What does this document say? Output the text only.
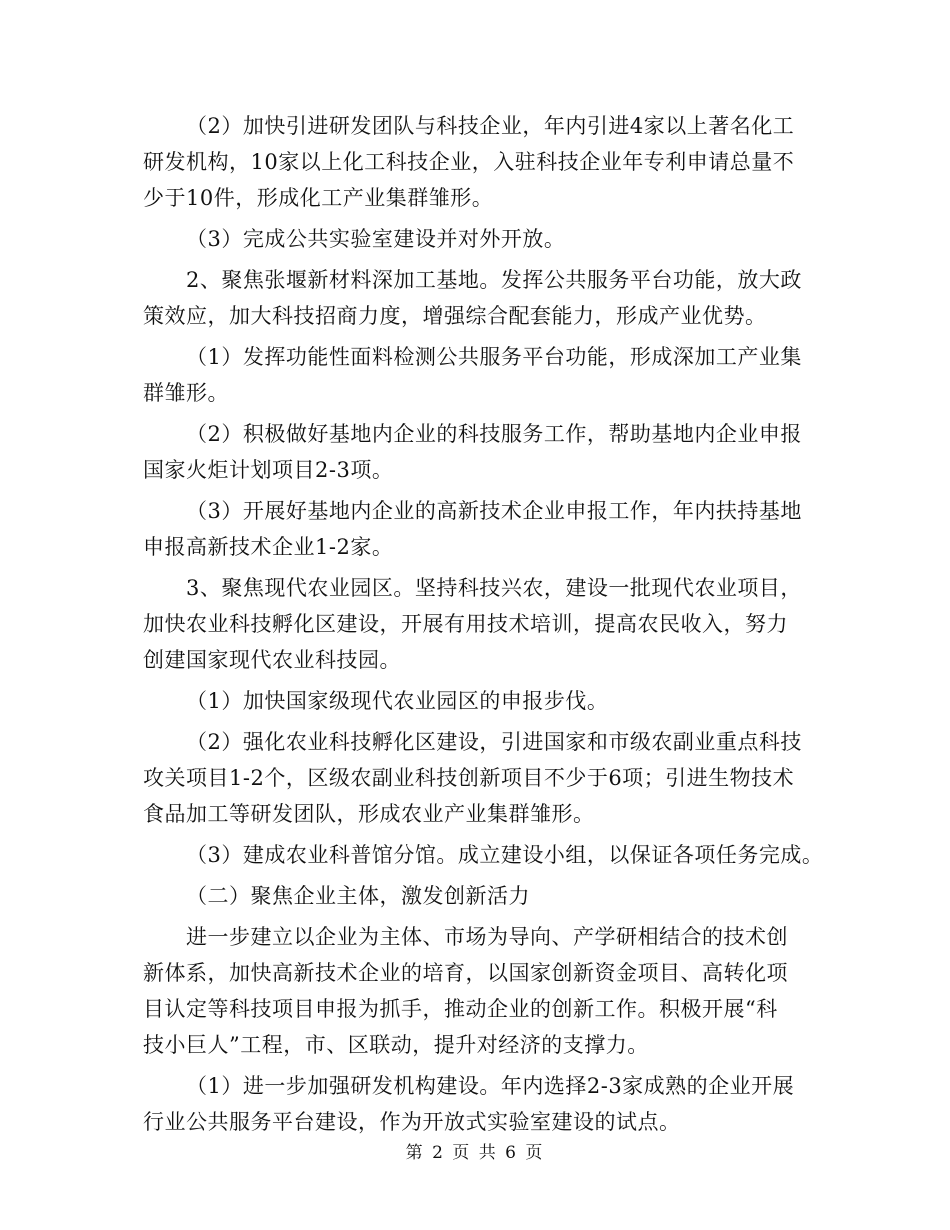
（2）加快引进研发团队与科技企业，年内引进4家以上著名化工
研发机构，10家以上化工科技企业，入驻科技企业年专利申请总量不
少于10件，形成化工产业集群雏形。
（3）完成公共实验室建设并对外开放。
2、聚焦张堰新材料深加工基地。发挥公共服务平台功能，放大政
策效应，加大科技招商力度，增强综合配套能力，形成产业优势。
（1）发挥功能性面料检测公共服务平台功能，形成深加工产业集
群雏形。
（2）积极做好基地内企业的科技服务工作，帮助基地内企业申报
国家火炬计划项目2-3项。
（3）开展好基地内企业的高新技术企业申报工作，年内扶持基地
申报高新技术企业1-2家。
3、聚焦现代农业园区。坚持科技兴农，建设一批现代农业项目，
加快农业科技孵化区建设，开展有用技术培训，提高农民收入，努力
创建国家现代农业科技园。
（1）加快国家级现代农业园区的申报步伐。
（2）强化农业科技孵化区建设，引进国家和市级农副业重点科技
攻关项目1-2个，区级农副业科技创新项目不少于6项；引进生物技术
食品加工等研发团队，形成农业产业集群雏形。
（3）建成农业科普馆分馆。成立建设小组，以保证各项任务完成。
（二）聚焦企业主体，激发创新活力
进一步建立以企业为主体、市场为导向、产学研相结合的技术创
新体系，加快高新技术企业的培育，以国家创新资金项目、高转化项
目认定等科技项目申报为抓手，推动企业的创新工作。积极开展“科
技小巨人”工程，市、区联动，提升对经济的支撑力。
（1）进一步加强研发机构建设。年内选择2-3家成熟的企业开展
行业公共服务平台建设，作为开放式实验室建设的试点。
第 2 页 共 6 页
